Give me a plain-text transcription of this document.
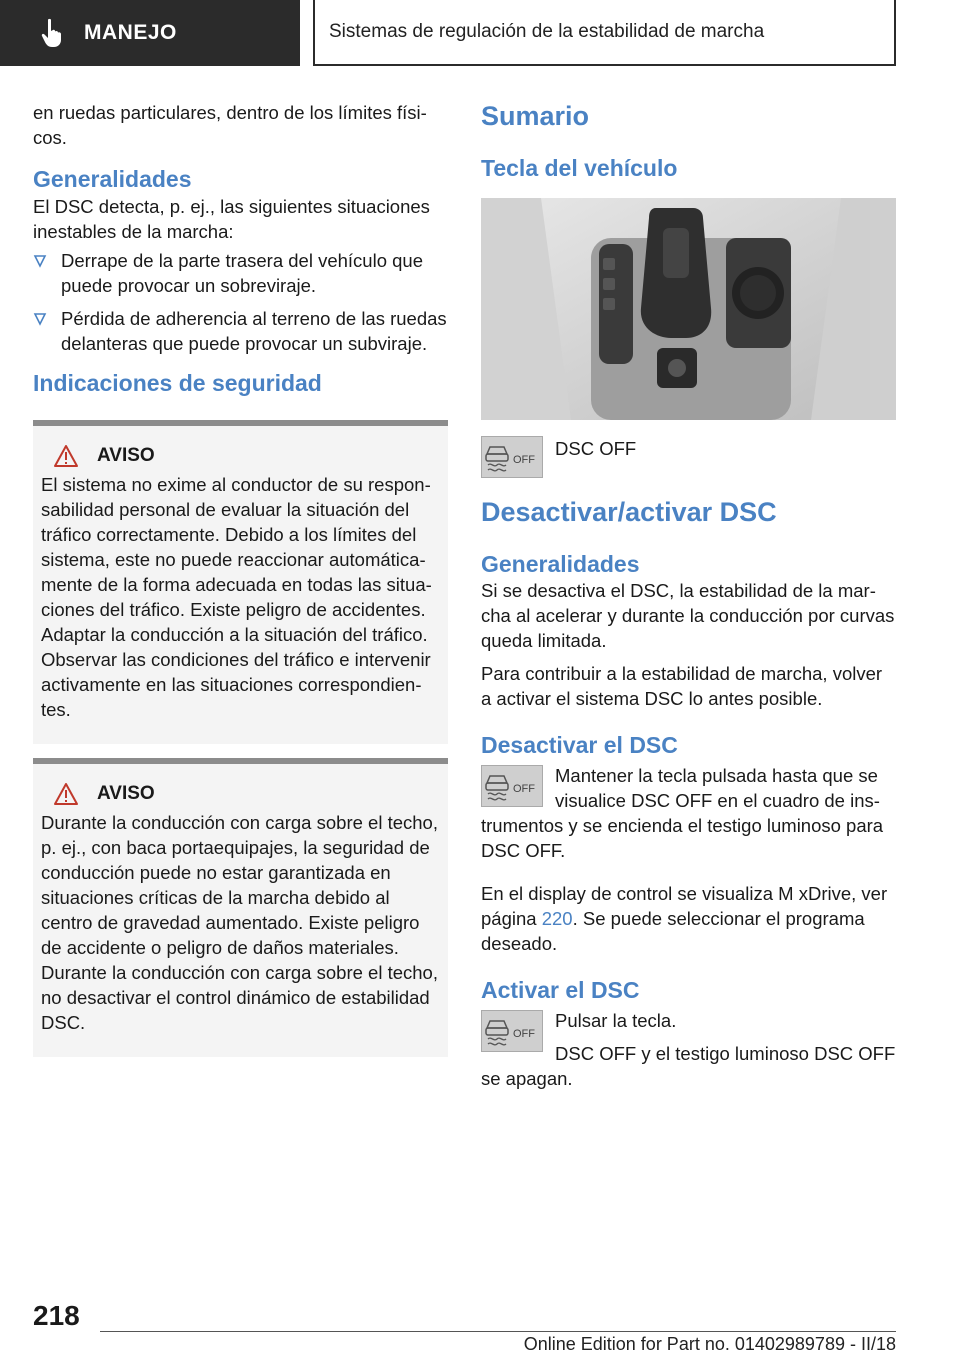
MANEJO	Sistemas de regulación de la estabilidad de marcha

en ruedas particulares, dentro de los límites físicos.

Generalidades

El DSC detecta, p. ej., las siguientes situaciones inestables de la marcha:

Derrape de la parte trasera del vehículo que puede provocar un sobreviraje.
Pérdida de adherencia al terreno de las ruedas delanteras que puede provocar un subviraje.
Indicaciones de seguridad
AVISO

El sistema no exime al conductor de su responsabilidad personal de evaluar la situación del tráfico correctamente. Debido a los límites del sistema, este no puede reaccionar automáticamente de la forma adecuada en todas las situaciones del tráfico. Existe peligro de accidentes. Adaptar la conducción a la situación del tráfico. Observar las condiciones del tráfico e intervenir activamente en las situaciones correspondientes.

AVISO

Durante la conducción con carga sobre el techo, p. ej., con baca portaequipajes, la seguridad de conducción puede no estar garantizada en situaciones críticas de la marcha debido al centro de gravedad aumentado. Existe peligro de accidente o peligro de daños materiales. Durante la conducción con carga sobre el techo, no desactivar el control dinámico de estabilidad DSC.

Sumario
Tecla del vehículo
OFF

DSC OFF

Desactivar/activar DSC
Generalidades

Si se desactiva el DSC, la estabilidad de la marcha al acelerar y durante la conducción por curvas queda limitada.

Para contribuir a la estabilidad de marcha, volver a activar el sistema DSC lo antes posible.

Desactivar el DSC
OFF

Mantener la tecla pulsada hasta que se visualice DSC OFF en el cuadro de instrumentos y se encienda el testigo luminoso para DSC OFF.

En el display de control se visualiza M xDrive, ver página 220. Se puede seleccionar el programa deseado.

Activar el DSC
OFF

Pulsar la tecla.

DSC OFF y el testigo luminoso DSC OFF se apagan.

218
Online Edition for Part no. 01402989789 - II/18
